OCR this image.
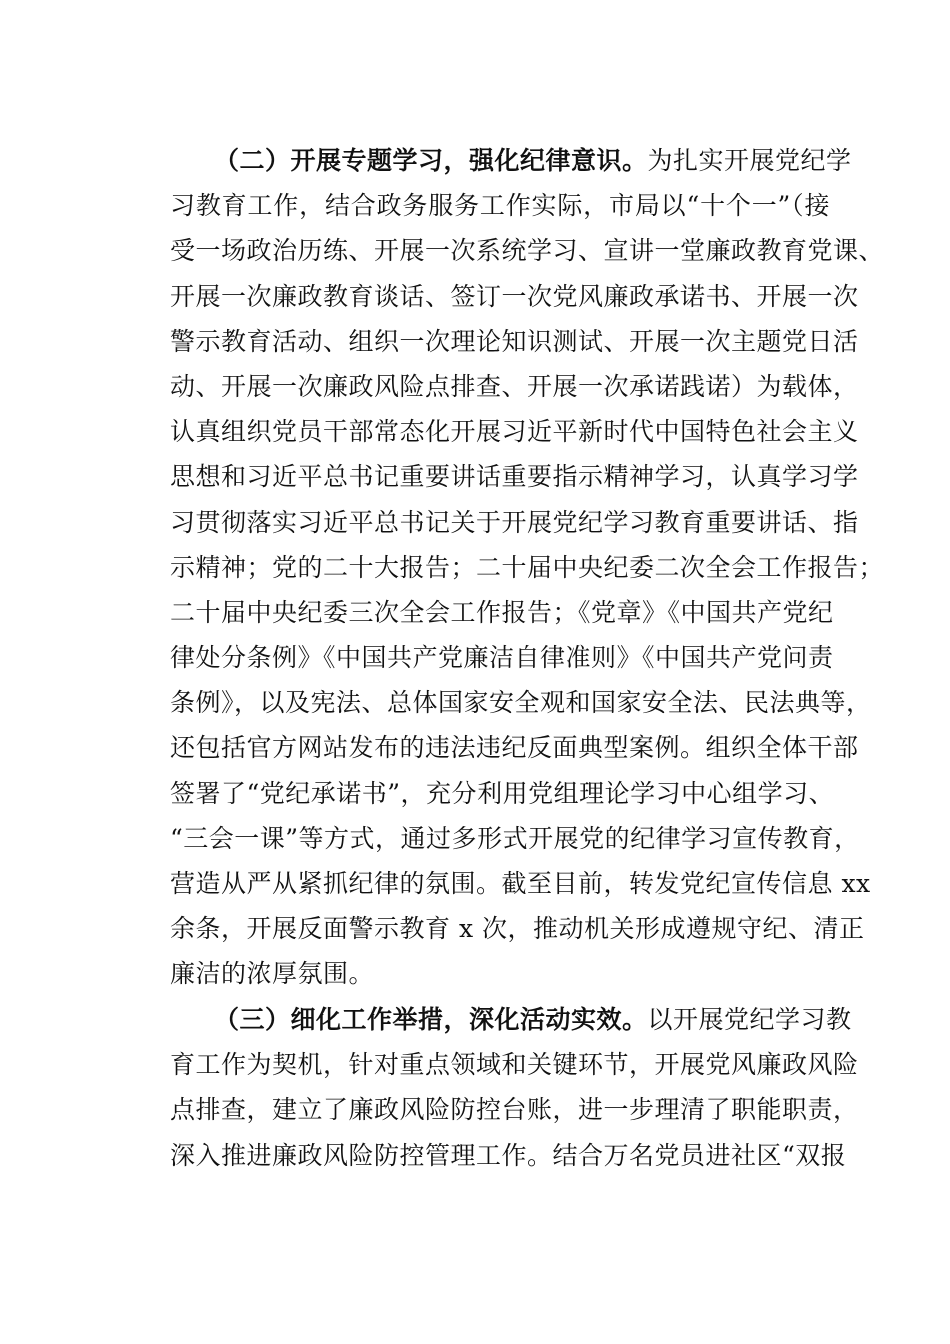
（二）开展专题学习，强化纪律意识。为扎实开展党纪学
习教育工作，结合政务服务工作实际，市局以“十个一”（接
受一场政治历练、开展一次系统学习、宣讲一堂廉政教育党课、
开展一次廉政教育谈话、签订一次党风廉政承诺书、开展一次
警示教育活动、组织一次理论知识测试、开展一次主题党日活
动、开展一次廉政风险点排查、开展一次承诺践诺）为载体，
认真组织党员干部常态化开展习近平新时代中国特色社会主义
思想和习近平总书记重要讲话重要指示精神学习，认真学习学
习贯彻落实习近平总书记关于开展党纪学习教育重要讲话、指
示精神；党的二十大报告；二十届中央纪委二次全会工作报告；
二十届中央纪委三次全会工作报告；《党章》《中国共产党纪
律处分条例》《中国共产党廉洁自律准则》《中国共产党问责
条例》，以及宪法、总体国家安全观和国家安全法、民法典等，
还包括官方网站发布的违法违纪反面典型案例。组织全体干部
签署了“党纪承诺书”，充分利用党组理论学习中心组学习、
“三会一课”等方式，通过多形式开展党的纪律学习宣传教育，
营造从严从紧抓纪律的氛围。截至目前，转发党纪宣传信息 xx
余条，开展反面警示教育 x 次，推动机关形成遵规守纪、清正
廉洁的浓厚氛围。
（三）细化工作举措，深化活动实效。以开展党纪学习教
育工作为契机，针对重点领域和关键环节，开展党风廉政风险
点排查，建立了廉政风险防控台账，进一步理清了职能职责，
深入推进廉政风险防控管理工作。结合万名党员进社区“双报
